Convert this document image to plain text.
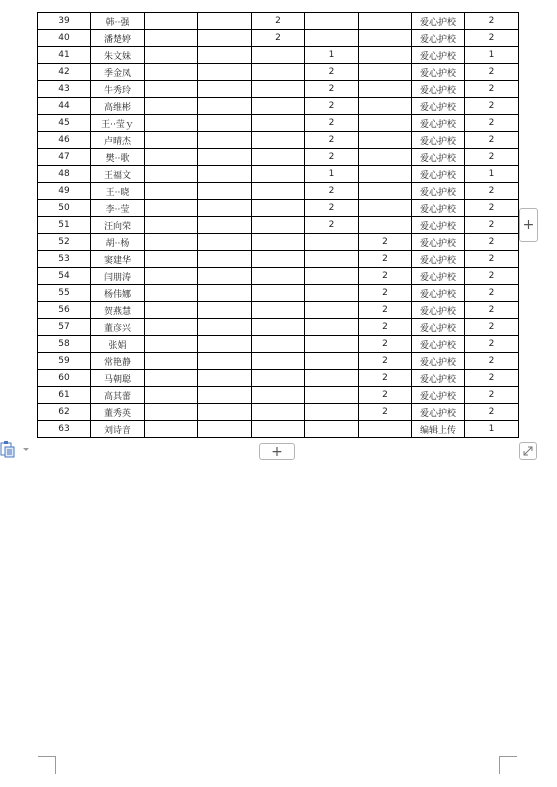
39	韩··强			2			爱心护校	2
40	潘楚婷			2			爱心护校	2
41	朱文妹				1		爱心护校	1
42	季金凤				2		爱心护校	2
43	牛秀玲				2		爱心护校	2
44	高维彬				2		爱心护校	2
45	王··莹ｙ				2		爱心护校	2
46	卢晴杰				2		爱心护校	2
47	樊··歌				2		爱心护校	2
48	王福文				1		爱心护校	1
49	王··晓				2		爱心护校	2
50	李··莹				2		爱心护校	2
51	汪向荣				2		爱心护校	2
52	胡··杨					2	爱心护校	2
53	窦建华					2	爱心护校	2
54	闫朋涛					2	爱心护校	2
55	杨伟娜					2	爱心护校	2
56	贺燕慧					2	爱心护校	2
57	董彦兴					2	爱心护校	2
58	张娟					2	爱心护校	2
59	常艳静					2	爱心护校	2
60	马朝聪					2	爱心护校	2
61	高其蕾					2	爱心护校	2
62	董秀英					2	爱心护校	2
63	刘诗音						编辑上传	1
+
+
